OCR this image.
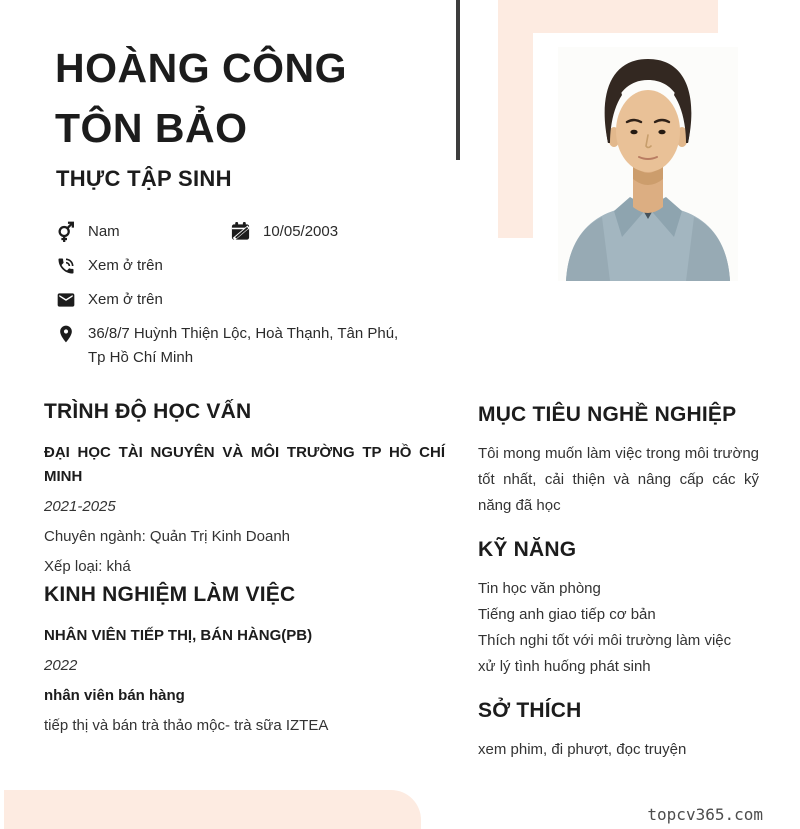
HOÀNG CÔNG
TÔN BẢO
THỰC TẬP SINH
Nam	10/05/2003
Xem ở trên
Xem ở trên
36/8/7 Huỳnh Thiện Lộc, Hoà Thạnh, Tân Phú, Tp Hồ Chí Minh
TRÌNH ĐỘ HỌC VẤN
ĐẠI HỌC TÀI NGUYÊN VÀ MÔI TRƯỜNG TP HỒ CHÍ MINH
2021-2025
Chuyên ngành: Quản Trị Kinh Doanh
Xếp loại: khá
KINH NGHIỆM LÀM VIỆC
NHÂN VIÊN TIẾP THỊ, BÁN HÀNG(PB)
2022
nhân viên bán hàng
tiếp thị và bán trà thảo mộc- trà sữa IZTEA
MỤC TIÊU NGHỀ NGHIỆP
Tôi mong muốn làm việc trong môi trường tốt nhất, cải thiện và nâng cấp các kỹ năng đã học
KỸ NĂNG
Tin học văn phòng
Tiếng anh giao tiếp cơ bản
Thích nghi tốt với môi trường làm việc
xử lý tình huống phát sinh
SỞ THÍCH
xem phim, đi phượt, đọc truyện
topcv365.com
